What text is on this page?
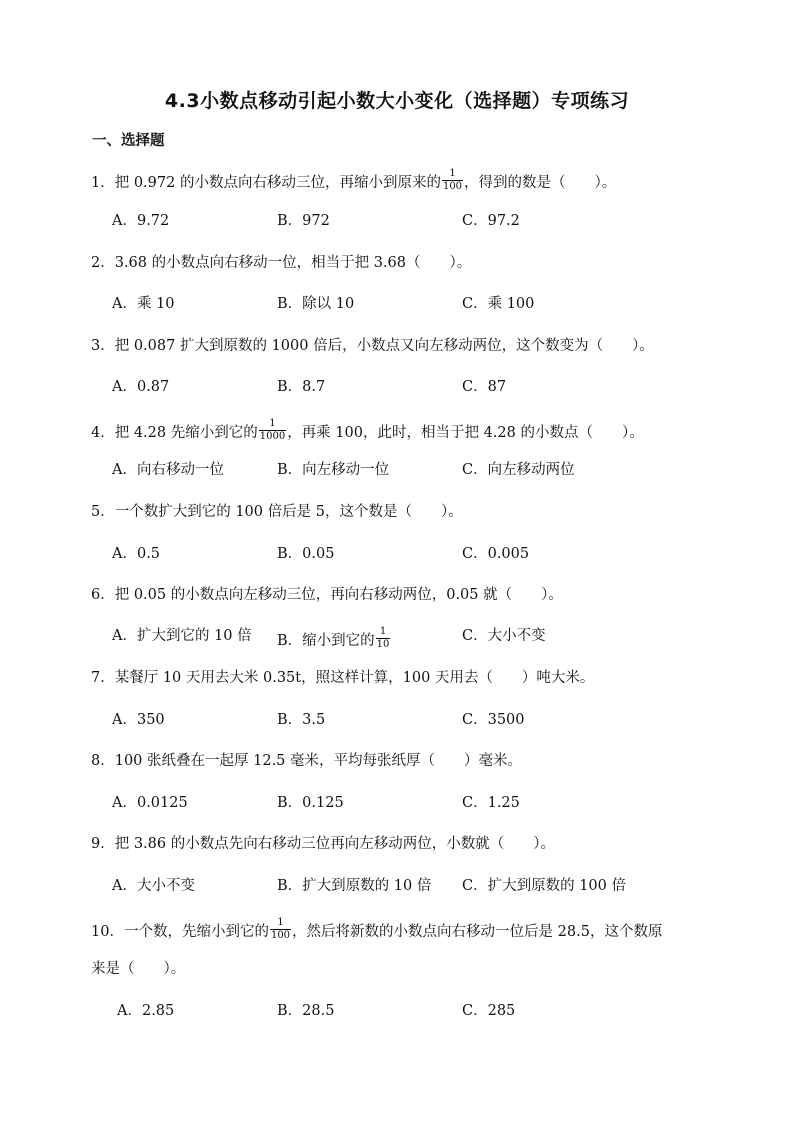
4.3小数点移动引起小数大小变化（选择题）专项练习
一、选择题
1．把 0.972 的小数点向右移动三位，再缩小到原来的 $\frac{1}{100}$ ，得到的数是（　　）。
A．9.72	B．972	C．97.2
2．3.68 的小数点向右移动一位，相当于把 3.68（　　）。
A．乘 10	B．除以 10	C．乘 100
3．把 0.087 扩大到原数的 1000 倍后，小数点又向左移动两位，这个数变为（　　）。
A．0.87	B．8.7	C．87
4．把 4.28 先缩小到它的 $\frac{1}{1000}$ ，再乘 100，此时，相当于把 4.28 的小数点（　　）。
A．向右移动一位	B．向左移动一位	C．向左移动两位
5．一个数扩大到它的 100 倍后是 5，这个数是（　　）。
A．0.5	B．0.05	C．0.005
6．把 0.05 的小数点向左移动三位，再向右移动两位，0.05 就（　　）。
A．扩大到它的 10 倍 B．缩小到它的 $\frac{1}{10}$	C．大小不变
7．某餐厅 10 天用去大米 0.35t，照这样计算，100 天用去（　　）吨大米。
A．350	B．3.5	C．3500
8．100 张纸叠在一起厚 12.5 毫米，平均每张纸厚（　　）毫米。
A．0.0125	B．0.125	C．1.25
9．把 3.86 的小数点先向右移动三位再向左移动两位，小数就（　　）。
A．大小不变	B．扩大到原数的 10 倍 C．扩大到原数的 100 倍
10．一个数，先缩小到它的 $\frac{1}{100}$ ，然后将新数的小数点向右移动一位后是 28.5，这个数原
来是（　　）。
A．2.85	B．28.5	C．285
